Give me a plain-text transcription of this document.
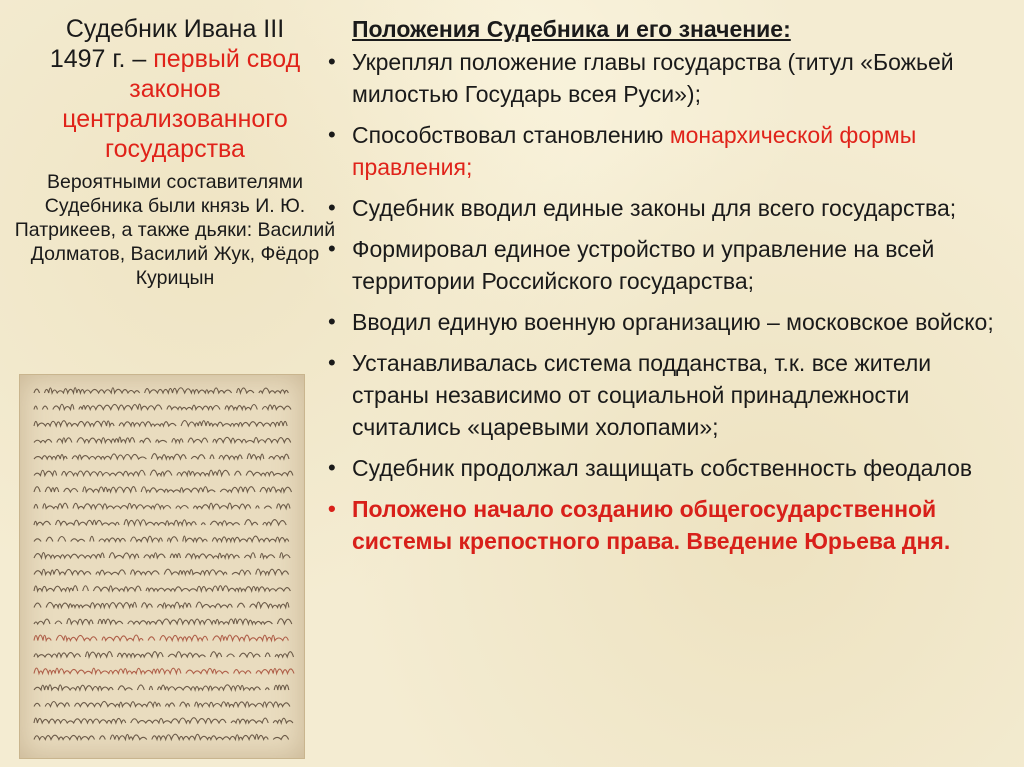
Судебник Ивана III
1497 г. – первый свод законов централизованного государства
Вероятными составителями Судебника были князь И. Ю. Патрикеев, а также дьяки: Василий Долматов, Василий Жук, Фёдор Курицын
Положения Судебника и его значение:
• Укреплял положение главы государства (титул «Божьей милостью Государь всея Руси»);
• Способствовал становлению монархической формы правления;
• Судебник вводил единые законы для всего государства;
• Формировал единое устройство и управление на всей территории Российского государства;
• Вводил единую военную организацию – московское войско;
• Устанавливалась система подданства, т.к. все жители страны независимо от социальной принадлежности считались «царевыми холопами»;
• Судебник продолжал защищать собственность феодалов
• Положено начало созданию общегосударственной системы крепостного права. Введение Юрьева дня.
